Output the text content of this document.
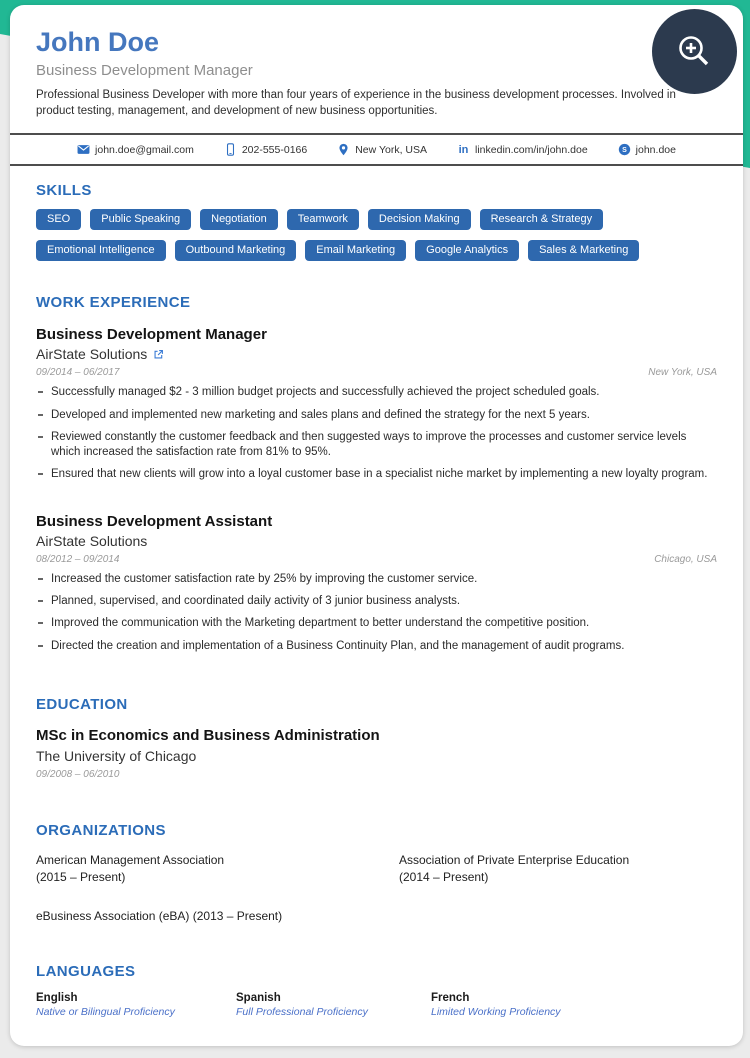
John Doe
Business Development Manager
Professional Business Developer with more than four years of experience in the business development processes. Involved in product testing, management, and development of new business opportunities.
john.doe@gmail.com	202-555-0166	New York, USA	in linkedin.com/in/john.doe	S john.doe
SKILLS
SEO	Public Speaking	Negotiation	Teamwork	Decision Making	Research & Strategy
Emotional Intelligence	Outbound Marketing	Email Marketing	Google Analytics	Sales & Marketing
WORK EXPERIENCE
Business Development Manager
AirState Solutions
09/2014 – 06/2017	New York, USA
Successfully managed $2 - 3 million budget projects and successfully achieved the project scheduled goals.
Developed and implemented new marketing and sales plans and defined the strategy for the next 5 years.
Reviewed constantly the customer feedback and then suggested ways to improve the processes and customer service levels which increased the satisfaction rate from 81% to 95%.
Ensured that new clients will grow into a loyal customer base in a specialist niche market by implementing a new loyalty program.
Business Development Assistant
AirState Solutions
08/2012 – 09/2014	Chicago, USA
Increased the customer satisfaction rate by 25% by improving the customer service.
Planned, supervised, and coordinated daily activity of 3 junior business analysts.
Improved the communication with the Marketing department to better understand the competitive position.
Directed the creation and implementation of a Business Continuity Plan, and the management of audit programs.
EDUCATION
MSc in Economics and Business Administration
The University of Chicago
09/2008 – 06/2010
ORGANIZATIONS
American Management Association
(2015 – Present)
Association of Private Enterprise Education
(2014 – Present)
eBusiness Association (eBA) (2013 – Present)
LANGUAGES
English
Native or Bilingual Proficiency
Spanish
Full Professional Proficiency
French
Limited Working Proficiency
